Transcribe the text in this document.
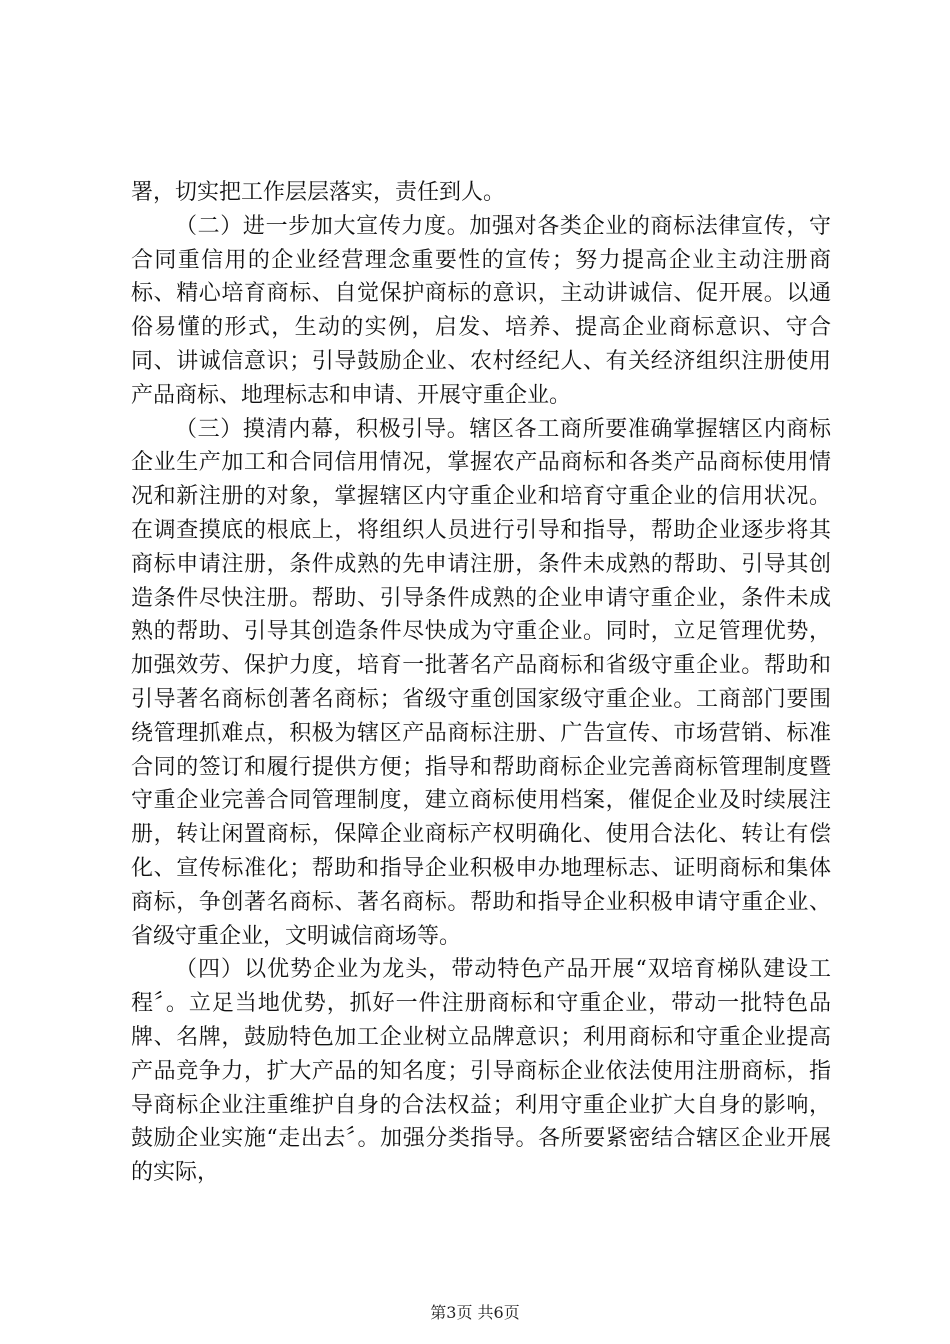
署，切实把工作层层落实，责任到人。

（二）进一步加大宣传力度。加强对各类企业的商标法律宣传，守合同重信用的企业经营理念重要性的宣传；努力提高企业主动注册商标、精心培育商标、自觉保护商标的意识，主动讲诚信、促开展。以通俗易懂的形式，生动的实例，启发、培养、提高企业商标意识、守合同、讲诚信意识；引导鼓励企业、农村经纪人、有关经济组织注册使用产品商标、地理标志和申请、开展守重企业。

（三）摸清内幕，积极引导。辖区各工商所要准确掌握辖区内商标企业生产加工和合同信用情况，掌握农产品商标和各类产品商标使用情况和新注册的对象，掌握辖区内守重企业和培育守重企业的信用状况。在调查摸底的根底上，将组织人员进行引导和指导，帮助企业逐步将其商标申请注册，条件成熟的先申请注册，条件未成熟的帮助、引导其创造条件尽快注册。帮助、引导条件成熟的企业申请守重企业，条件未成熟的帮助、引导其创造条件尽快成为守重企业。同时，立足管理优势，加强效劳、保护力度，培育一批著名产品商标和省级守重企业。帮助和引导著名商标创著名商标；省级守重创国家级守重企业。工商部门要围绕管理抓难点，积极为辖区产品商标注册、广告宣传、市场营销、标准合同的签订和履行提供方便；指导和帮助商标企业完善商标管理制度暨守重企业完善合同管理制度，建立商标使用档案，催促企业及时续展注册，转让闲置商标，保障企业商标产权明确化、使用合法化、转让有偿化、宣传标准化；帮助和指导企业积极申办地理标志、证明商标和集体商标，争创著名商标、著名商标。帮助和指导企业积极申请守重企业、省级守重企业，文明诚信商场等。

（四）以优势企业为龙头，带动特色产品开展“双培育梯队建设工程〞。立足当地优势，抓好一件注册商标和守重企业，带动一批特色品牌、名牌，鼓励特色加工企业树立品牌意识；利用商标和守重企业提高产品竞争力，扩大产品的知名度；引导商标企业依法使用注册商标，指导商标企业注重维护自身的合法权益；利用守重企业扩大自身的影响，鼓励企业实施“走出去〞。加强分类指导。各所要紧密结合辖区企业开展的实际，

第3页 共6页
